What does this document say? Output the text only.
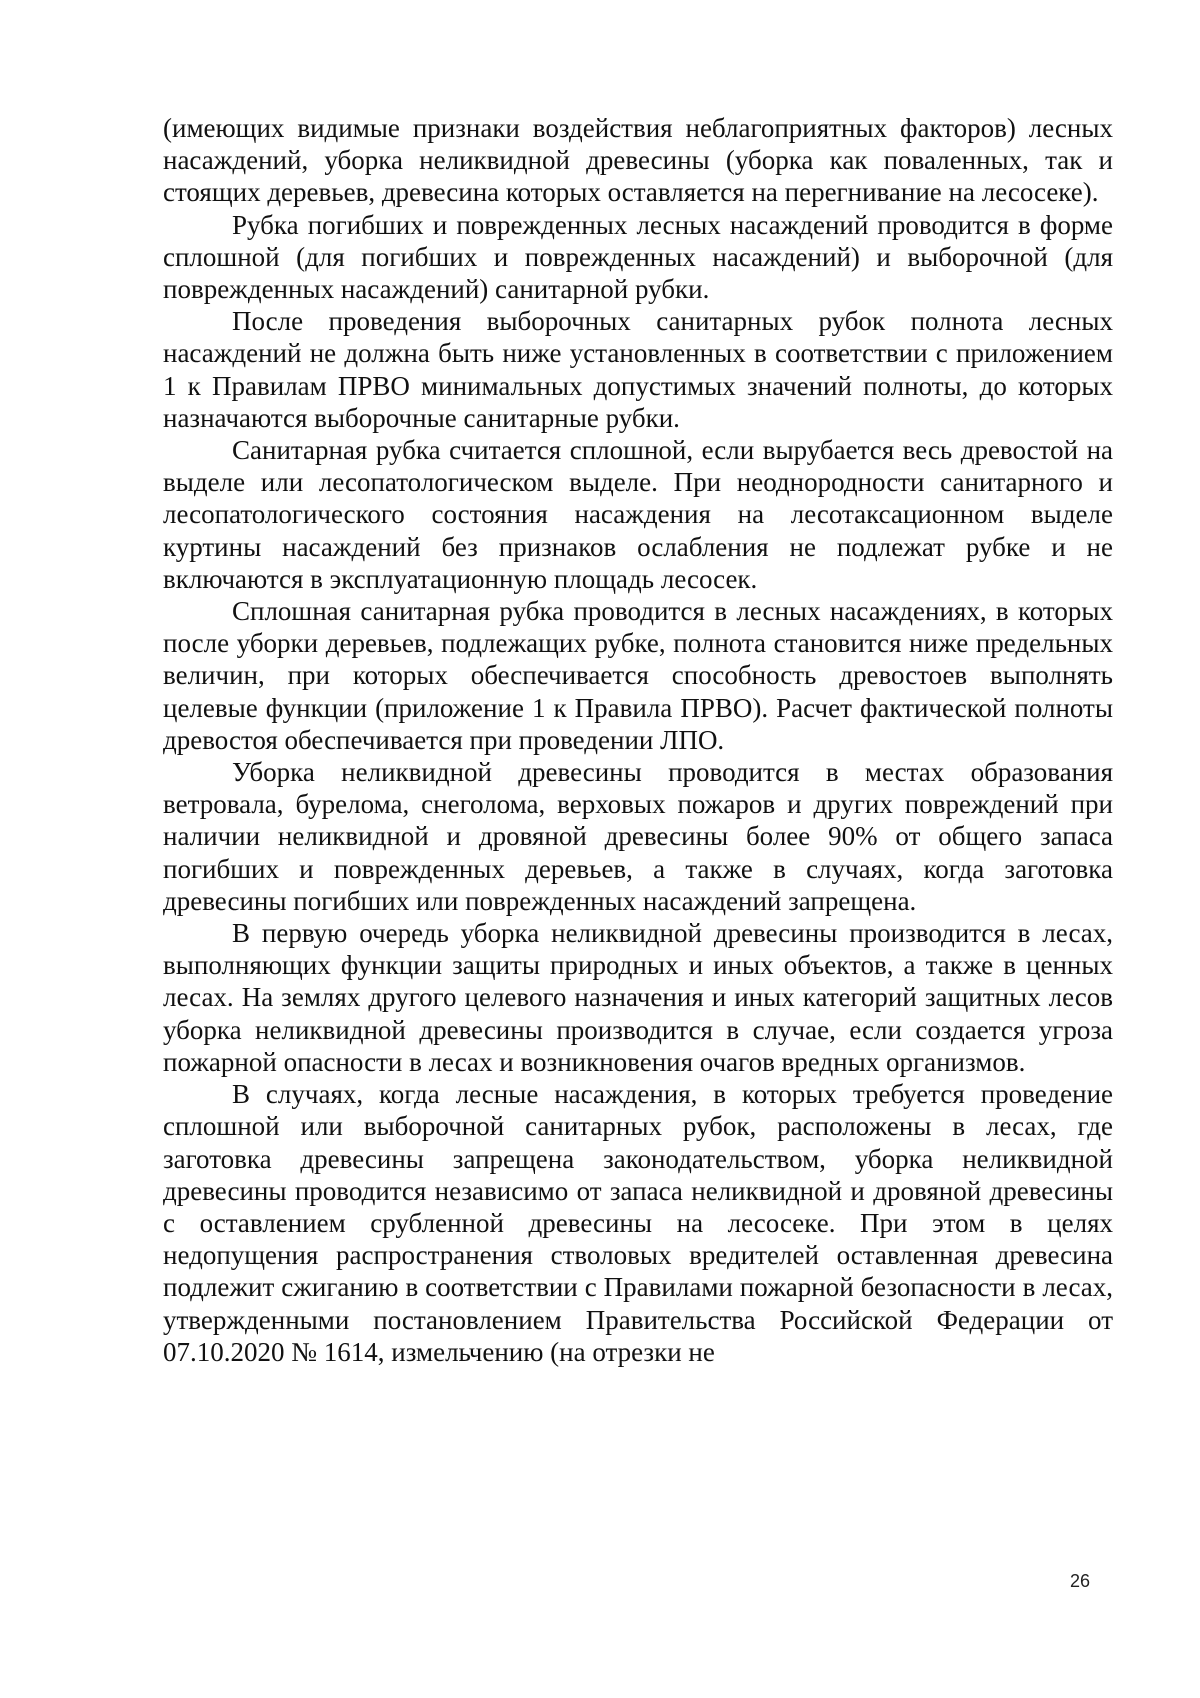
(имеющих видимые признаки воздействия неблагоприятных факторов) лесных насаждений, уборка неликвидной древесины (уборка как поваленных, так и стоящих деревьев, древесина которых оставляется на перегнивание на лесосеке).

Рубка погибших и поврежденных лесных насаждений проводится в форме сплошной (для погибших и поврежденных насаждений) и выборочной (для поврежденных насаждений) санитарной рубки.

После проведения выборочных санитарных рубок полнота лесных насаждений не должна быть ниже установленных в соответствии с приложением 1 к Правилам ПРВО минимальных допустимых значений полноты, до которых назначаются выборочные санитарные рубки.

Санитарная рубка считается сплошной, если вырубается весь древостой на выделе или лесопатологическом выделе. При неоднородности санитарного и лесопатологического состояния насаждения на лесотаксационном выделе куртины насаждений без признаков ослабления не подлежат рубке и не включаются в эксплуатационную площадь лесосек.

Сплошная санитарная рубка проводится в лесных насаждениях, в которых после уборки деревьев, подлежащих рубке, полнота становится ниже предельных величин, при которых обеспечивается способность древостоев выполнять целевые функции (приложение 1 к Правила ПРВО). Расчет фактической полноты древостоя обеспечивается при проведении ЛПО.

Уборка неликвидной древесины проводится в местах образования ветровала, бурелома, снеголома, верховых пожаров и других повреждений при наличии неликвидной и дровяной древесины более 90% от общего запаса погибших и поврежденных деревьев, а также в случаях, когда заготовка древесины погибших или поврежденных насаждений запрещена.

В первую очередь уборка неликвидной древесины производится в лесах, выполняющих функции защиты природных и иных объектов, а также в ценных лесах. На землях другого целевого назначения и иных категорий защитных лесов уборка неликвидной древесины производится в случае, если создается угроза пожарной опасности в лесах и возникновения очагов вредных организмов.

В случаях, когда лесные насаждения, в которых требуется проведение сплошной или выборочной санитарных рубок, расположены в лесах, где заготовка древесины запрещена законодательством, уборка неликвидной древесины проводится независимо от запаса неликвидной и дровяной древесины с оставлением срубленной древесины на лесосеке. При этом в целях недопущения распространения стволовых вредителей оставленная древесина подлежит сжиганию в соответствии с Правилами пожарной безопасности в лесах, утвержденными постановлением Правительства Российской Федерации от 07.10.2020 № 1614, измельчению (на отрезки не

26
